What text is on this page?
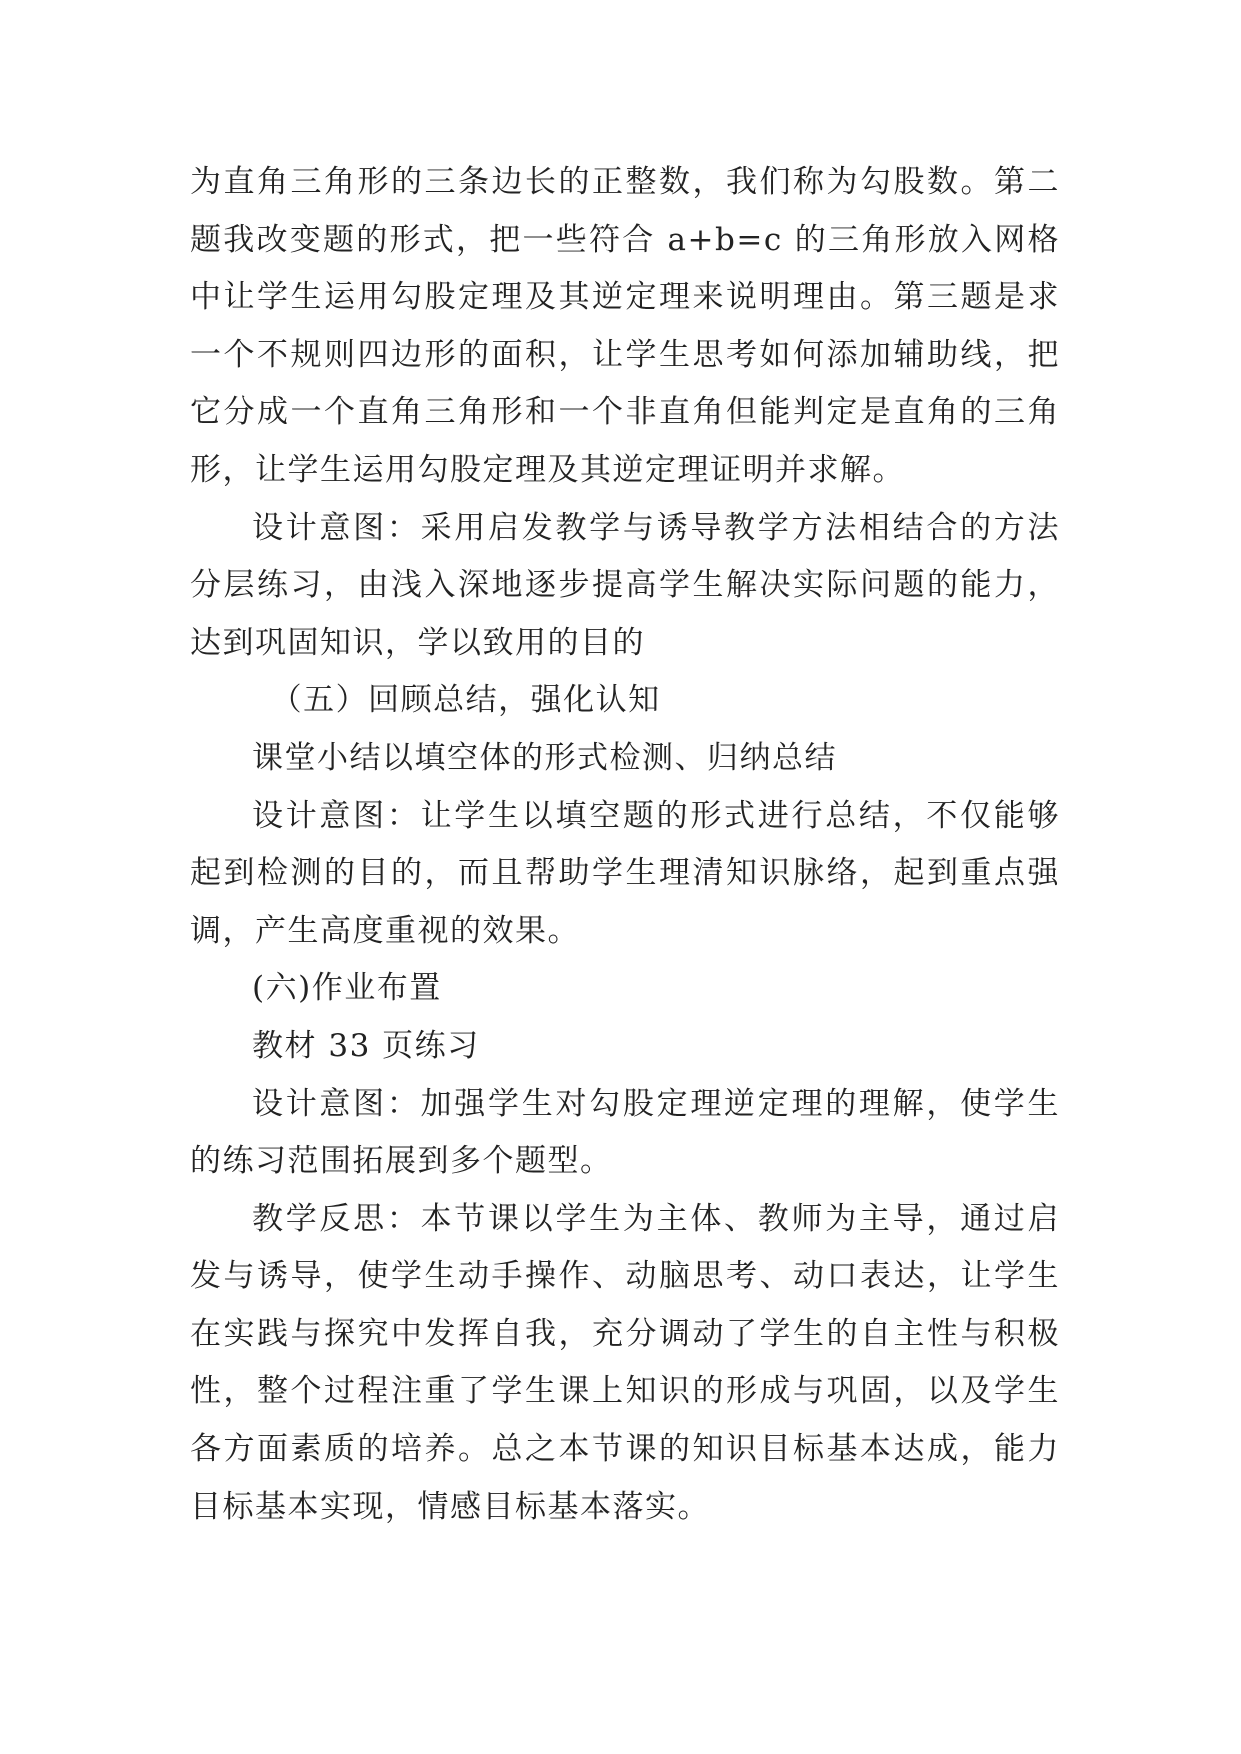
为直角三角形的三条边长的正整数，我们称为勾股数。第二题我改变题的形式，把一些符合 a+b=c 的三角形放入网格中让学生运用勾股定理及其逆定理来说明理由。第三题是求一个不规则四边形的面积，让学生思考如何添加辅助线，把它分成一个直角三角形和一个非直角但能判定是直角的三角形，让学生运用勾股定理及其逆定理证明并求解。

设计意图：采用启发教学与诱导教学方法相结合的方法分层练习，由浅入深地逐步提高学生解决实际问题的能力，达到巩固知识，学以致用的目的

（五）回顾总结，强化认知

课堂小结以填空体的形式检测、归纳总结

设计意图：让学生以填空题的形式进行总结，不仅能够起到检测的目的，而且帮助学生理清知识脉络，起到重点强调，产生高度重视的效果。

(六)作业布置

教材 33 页练习

设计意图：加强学生对勾股定理逆定理的理解，使学生的练习范围拓展到多个题型。

教学反思：本节课以学生为主体、教师为主导，通过启发与诱导，使学生动手操作、动脑思考、动口表达，让学生在实践与探究中发挥自我，充分调动了学生的自主性与积极性，整个过程注重了学生课上知识的形成与巩固，以及学生各方面素质的培养。总之本节课的知识目标基本达成，能力目标基本实现，情感目标基本落实。
